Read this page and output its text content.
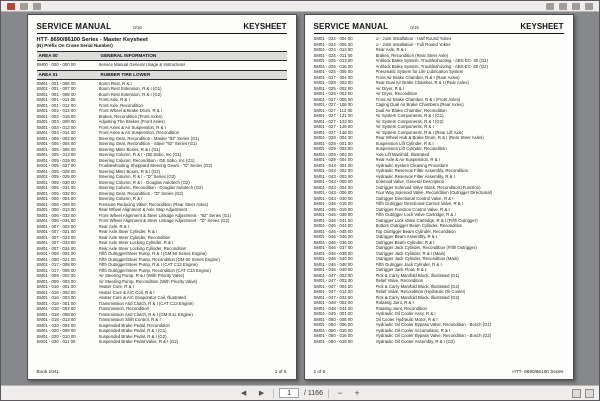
SERVICE MANUAL	0/16	KEYSHEET
HTT- 8690/86100 Series - Master Keysheet
(N) Prefix On Crane Serial Number)
AREA 00	GENERAL INFORMATION
SM00 - 000 - 000 00	Service Manual General Usage & Instructions
AREA 01	RUBBER TIRE LOWER
SM01 - 001 - 006 00	Boom Rest, R & I
SM01 - 001 - 007 00	Boom Rest Extension, R & I (G1)
SM01 - 001 - 008 00	Boom Rest Extension, R & I (G2)
SM01 - 001 - 011 00	Front Axle, R & I
SM01 - 001 - 012 00	Front Axle, Recondition
SM01 - 002 - 013 00	Front Wheel & Brake Drum, R & I
SM01 - 002 - 015 00	Brakes, Recondition (Front Axles)
SM01 - 003 - 009 00	Adjusting The Brakes (Front Axles)
SM01 - 004 - 013 00	Front Axles & Air Suspension, R & I
SM01 - 004 - 014 00	Front Axles & Air Suspension, Recondition
SM01 - 005 - 003 00	Steering Gear, Recondition - Master "92" Series (G1)
SM01 - 005 - 004 00	Steering Gear, Recondition - Slave "92" Series (G1)
SM01 - 005 - 005 00	Steering Miter Boxes, R & I (G1)
SM01 - 005 - 013 00	Steering Column, R & I - DE Sabo, Inc (G1)
SM01 - 005 - 019 00	Steering Column, Recondition - DE Sabo, Inc (G1)
SM01 - 005 - 027 00	Troubleshooting Sheppard Steering Gears - "D" Series (G2)
SM01 - 005 - 028 00	Steering Miter Boxes, R & I (G2)
SM01 - 005 - 029 00	Steering Column, R & I - "D" Series (G2)
SM01 - 005 - 030 00	Steering Column, R & I - Douglas Autotech (G2)
SM01 - 005 - 031 00	Steering Column, Recondition - Douglas Autotech (G2)
SM01 - 005 - 032 00	Steering Gear, Recondition - "D" Series (G2)
SM01 - 006 - 004 00	Steering Column, R & I
SM01 - 006 - 009 00	Pressure Reducing Valve, Recondition (Rear Steer Axles)
SM01 - 006 - 013 00	Rear Wheel Alignment & Axle Stop Adjustment
SM01 - 006 - 033 00	Front Wheel Alignment & Steer Linkage Adjustment - "92" Series (G1)
SM01 - 006 - 034 00	Front Wheel Alignment & Steer Linkage Adjustment - "D" Series (G2)
SM01 - 007 - 002 00	Rear Axle, R & I
SM01 - 007 - 021 00	Rear Axle Steer Cylinder, R & I
SM01 - 007 - 023 00	Rear Axle Steer Cylinder, Recondition
SM01 - 007 - 033 00	Rear Axle Steer Locking Cylinder, R & I
SM01 - 007 - 034 00	Rear Axle Steer Locking Cylinder, Recondition
SM01 - 008 - 004 00	Fifth Outrigger/Steer Pump, R & I (GM 60 Series Engine)
SM01 - 008 - 021 00	Fifth Outrigger/Steer Pump, Recondition (GM 60 Series Engine)
SM01 - 017 - 008 00	Fifth Outrigger/Steer Pump, R & I (CAT C13 Engine)
SM01 - 017 - 009 00	Fifth Outrigger/Steer Pump, Recondition (CAT C13 Engine)
SM01 - 009 - 002 00	Air Steering Pump, R & I (With Priority Valve)
SM01 - 009 - 003 00	Air Steering Pump, Recondition (With Priority Valve)
SM01 - 016 - 001 00	Heater Core, R & I
SM01 - 016 - 002 00	Heater Core & A/C Coil, R & I
SM01 - 016 - 003 00	Heater Core & A/C Evaporator Coil, Illustrated
SM01 - 018 - 001 00	Transmission And Clutch, R & I (CAT C13 Engine)
SM01 - 018 - 002 00	Transmission, Recondition
SM01 - 018 - 008 00	Transmission And Clutch, R & I (GM 8.1L Engine)
SM01 - 018 - 013 00	Transmission Shift Control, R & I
SM01 - 020 - 004 00	Suspended Brake Pedal, Recondition
SM01 - 020 - 009 00	Suspended Brake Pedal, R & I (G1)
SM01 - 020 - 010 00	Suspended Brake Pedal, R & I (G2)
SM01 - 020 - 011 00	Suspended Brake Pedal Valve, R & I (G2)
Book 1041	1 of 6
SERVICE MANUAL	0/16	KEYSHEET
SM01 - 022 - 004 00	U - Joint Installation - Half Round Yokes
SM01 - 022 - 005 00	U - Joint Installation - Full Round Yokes
SM01 - 024 - 013 00	Rear Axle, R & I
SM01 - 024 - 011 00	Brakes, Recondition (Rear Steer Axle)
SM01 - 025 - 013 00	Antilock Brake System, Troubleshooting - ABS EC- 30 (G1)
SM01 - 025 - 016 00	Antilock Brake System, Troubleshooting - ABS EC- 60 (G2)
SM01 - 025 - 005 00	Pneumatic System for Life Lubrication System
SM01 - 027 - 004 00	Front Air Brake Chamber, R & I (Rear Axles)
SM01 - 028 - 003 00	Rear Dual Air Brake Chamber, R & I (Rear Axles)
SM01 - 025 - 002 00	Air Dryer, R & I
SM01 - 025 - 003 00	Air Dryer, Recondition
SM01 - 027 - 005 00	Front Air Brake Chamber, R & I (Front Axles)
SM01 - 027 - 106 00	Caging Dual Air Brake Chambers (Rear Axles)
SM01 - 027 - 112 00	Dual Air Brake Chamber, Recondition
SM01 - 027 - 121 00	Air System Components, R & I (G1)
SM01 - 027 - 122 00	Air System Components, R & I (G2)
SM01 - 027 - 146 00	Air System Components, R & I
SM01 - 027 - 148 00	Air System Components, R & I (Rear Lift Axle)
SM01 - 028 - 004 00	Rear Wheel Hub & Brake Drum, R & I (Rear Steer Axles)
SM01 - 029 - 001 00	Suspension Lift Cylinder, R & I
SM01 - 029 - 002 00	Suspension Lift Cylinder, Recondition
SM01 - 029 - 003 00	Axle Lift Manifold, Illustrated
SM01 - 029 - 004 00	Rear Axle & Air Suspension, R & I
SM01 - 043 - 001 00	Hydraulic System Cleaning Procedure
SM01 - 043 - 002 00	Hydraulic Reservoir Filter Assembly, Recondition
SM01 - 043 - 003 00	Hydraulic Reservoir Filter Assembly, R & I
SM01 - 043 - 005 00	Solenoid Valve, General Description
SM01 - 043 - 004 00	Outrigger Solenoid Valve Stack, Recondition (Function)
SM01 - 043 - 006 00	Four Way Solenoid Valve, Recondition (Outrigger Directional)
SM01 - 043 - 040 00	Outrigger Directional Control Valve, R & I
SM01 - 045 - 018 00	Fifth Outrigger Directional Control Valve, R & I
SM01 - 045 - 019 00	Outrigger Function Control Valve, R & I
SM01 - 045 - 035 00	Fifth Outrigger Lock Valve Cartridge, R & I
SM01 - 045 - 041 00	Outrigger Lock Valve Cartridge, R & I (Fifth Outrigger)
SM01 - 046 - 044 00	Bottom Outrigger Beam Cylinder, Recondition
SM01 - 046 - 045 00	Top Outrigger Beam Cylinder, Recondition
SM01 - 046 - 046 00	Outrigger Beam Assembly, R & I
SM01 - 046 - 036 00	Outrigger Beam Cylinder, R & I
SM01 - 046 - 037 00	Outrigger Jack Cylinder, Recondition (Fifth Outrigger)
SM01 - 046 - 038 00	Outrigger Jack Cylinder, R & I (Main)
SM01 - 046 - 040 00	Outrigger Jack Cylinder, Recondition (Main)
SM01 - 046 - 048 00	Fifth Outrigger Jack Cylinder, R & I
SM01 - 046 - 049 00	Outrigger Jack Float, R & I
SM01 - 047 - 002 00	Pick & Carry Manifold Block, Illustrated (G1)
SM01 - 047 - 003 00	Relief Valve, Recondition
SM01 - 047 - 004 00	Pick & Carry Manifold Block, Illustrated (G2)
SM01 - 047 - 014 00	Relief Valve, Recondition (Hydraulic Oil Cooler)
SM01 - 047 - 032 00	Pick & Carry Manifold Block, Illustrated (G2)
SM01 - 048 - 002 00	Rotating Joint, R & I
SM01 - 048 - 044 00	Rotating Joint, Recondition
SM01 - 049 - 001 00	Hydraulic Oil Cooler Assy, R & I
SM01 - 050 - 005 00	Oil Cooler Hydraulic Motor, R & I
SM01 - 050 - 006 00	Hydraulic Oil Cooler Bypass Valve, Recondition - Bosch (G1)
SM01 - 050 - 015 00	Hydraulic Oil Cooler Accumulator, R & I
SM01 - 050 - 016 00	Hydraulic Oil Cooler Bypass Valve, Recondition - Bosch (G2)
SM01 - 050 - 018 00	Hydraulic Oil Cooler Assembly, R & I (G2)
2 of 6	HTT- 8690/86100 Series
◀	▶
1	/ 1166	−	+
